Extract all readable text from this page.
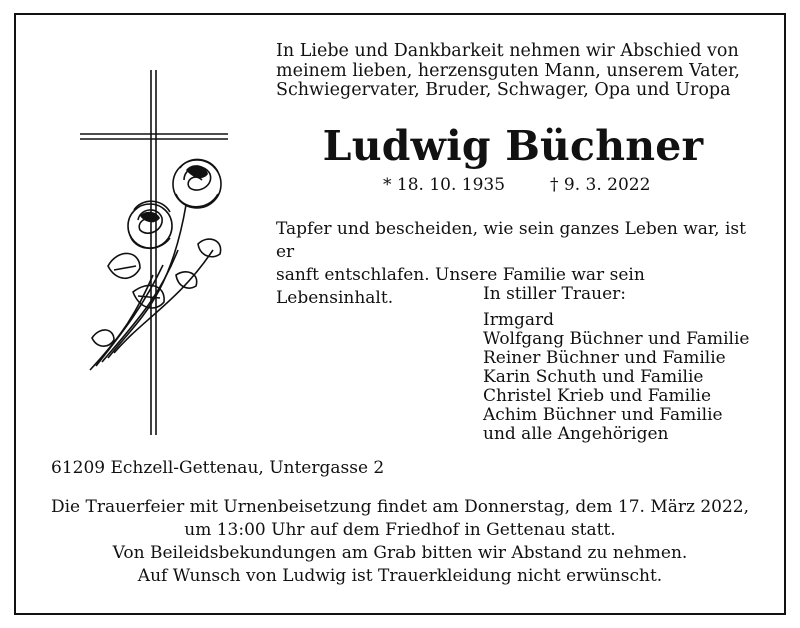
In Liebe und Dankbarkeit nehmen wir Abschied von
meinem lieben, herzensguten Mann, unserem Vater,
Schwiegervater, Bruder, Schwager, Opa und Uropa
Ludwig Büchner
* 18. 10. 1935	† 9. 3. 2022
Tapfer und bescheiden, wie sein ganzes Leben war, ist er
sanft entschlafen. Unsere Familie war sein Lebensinhalt.	In stiller Trauer:
Irmgard
Wolfgang Büchner und Familie
Reiner Büchner und Familie
Karin Schuth und Familie
Christel Krieb und Familie
Achim Büchner und Familie
und alle Angehörigen
61209 Echzell-Gettenau, Untergasse 2
Die Trauerfeier mit Urnenbeisetzung findet am Donnerstag, dem 17. März 2022,
um 13:00 Uhr auf dem Friedhof in Gettenau statt.
Von Beileidsbekundungen am Grab bitten wir Abstand zu nehmen.
Auf Wunsch von Ludwig ist Trauerkleidung nicht erwünscht.
